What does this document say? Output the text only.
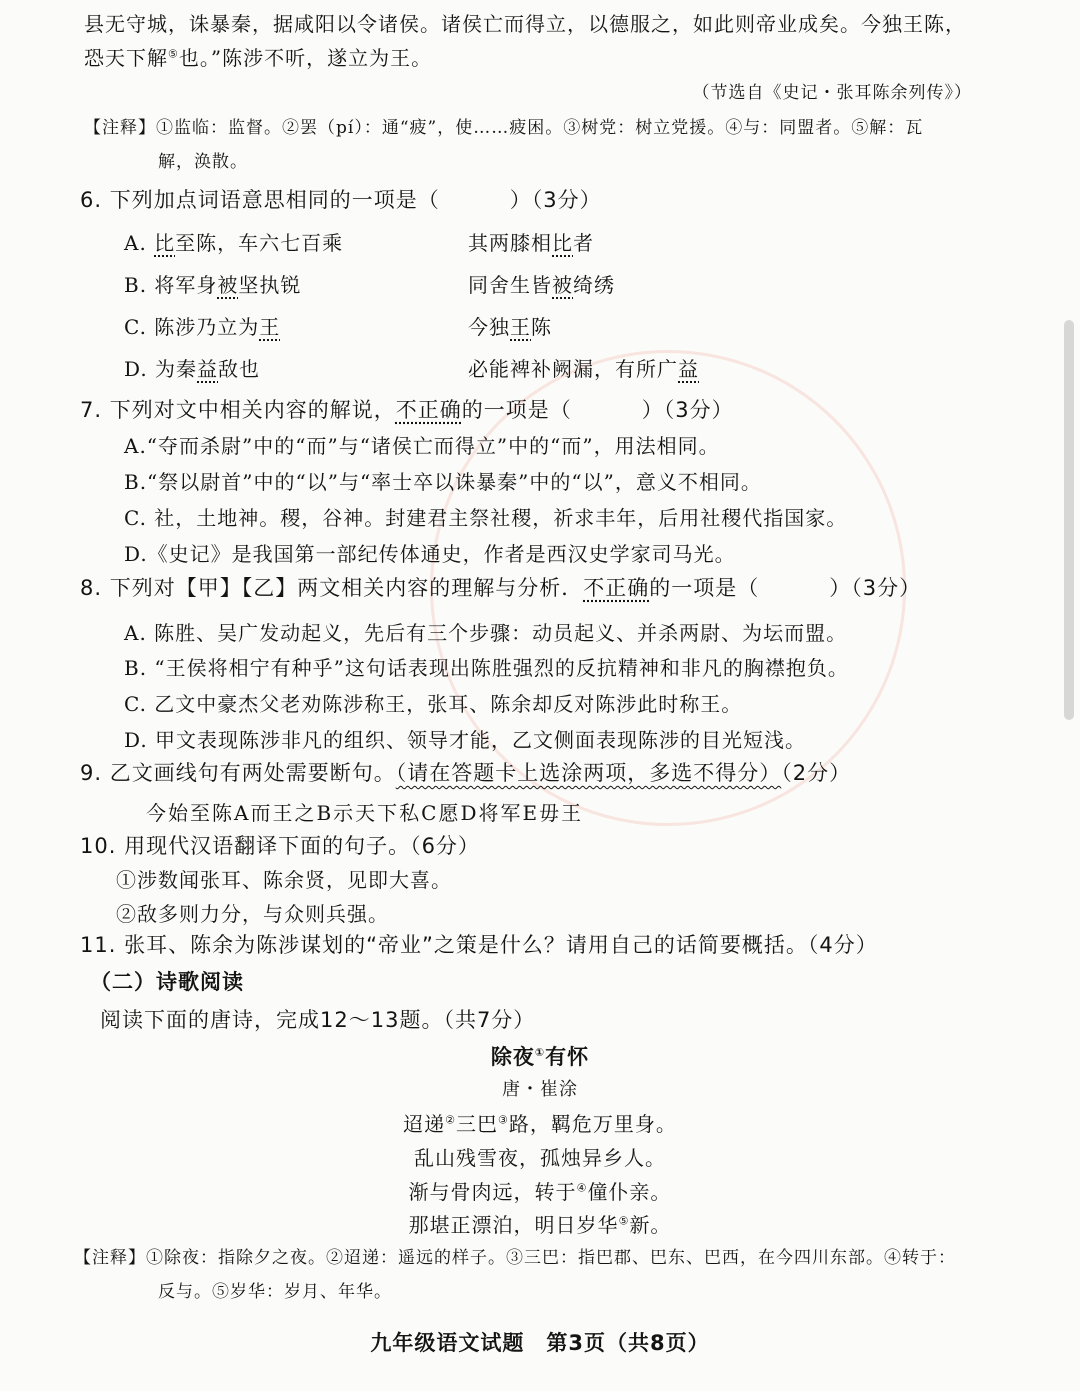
县无守城，诛暴秦，据咸阳以令诸侯。诸侯亡而得立，以德服之，如此则帝业成矣。今独王陈，
恐天下解⑤也。”陈涉不听，遂立为王。
（节选自《史记・张耳陈余列传》）
【注释】①监临：监督。②罢（pí）：通“疲”，使……疲困。③树党：树立党援。④与：同盟者。⑤解：瓦
解，涣散。
6. 下列加点词语意思相同的一项是（	）（3分）
A. 比至陈，车六七百乘	其两膝相比者
B. 将军身被坚执锐	同舍生皆被绮绣
C. 陈涉乃立为王	今独王陈
D. 为秦益敌也	必能裨补阙漏，有所广益
7. 下列对文中相关内容的解说，不正确的一项是（	）（3分）
A.“夺而杀尉”中的“而”与“诸侯亡而得立”中的“而”，用法相同。
B.“祭以尉首”中的“以”与“率士卒以诛暴秦”中的“以”，意义不相同。
C. 社，土地神。稷，谷神。封建君主祭社稷，祈求丰年，后用社稷代指国家。
D.《史记》是我国第一部纪传体通史，作者是西汉史学家司马光。
8. 下列对【甲】【乙】两文相关内容的理解与分析．不正确的一项是（	）（3分）
A. 陈胜、吴广发动起义，先后有三个步骤：动员起义、并杀两尉、为坛而盟。
B. “王侯将相宁有种乎”这句话表现出陈胜强烈的反抗精神和非凡的胸襟抱负。
C. 乙文中豪杰父老劝陈涉称王，张耳、陈余却反对陈涉此时称王。
D. 甲文表现陈涉非凡的组织、领导才能，乙文侧面表现陈涉的目光短浅。
9. 乙文画线句有两处需要断句。（请在答题卡上选涂两项，多选不得分）（2分）
今始至陈A而王之B示天下私C愿D将军E毋王
10. 用现代汉语翻译下面的句子。（6分）
①涉数闻张耳、陈余贤，见即大喜。
②敌多则力分，与众则兵强。
11. 张耳、陈余为陈涉谋划的“帝业”之策是什么？请用自己的话简要概括。（4分）
（二）诗歌阅读
阅读下面的唐诗，完成12～13题。（共7分）
除夜①有怀
唐・崔涂
迢递②三巴③路，羁危万里身。
乱山残雪夜，孤烛异乡人。
渐与骨肉远，转于④僮仆亲。
那堪正漂泊，明日岁华⑤新。
【注释】①除夜：指除夕之夜。②迢递：遥远的样子。③三巴：指巴郡、巴东、巴西，在今四川东部。④转于：
反与。⑤岁华：岁月、年华。
九年级语文试题　第3页（共8页）
